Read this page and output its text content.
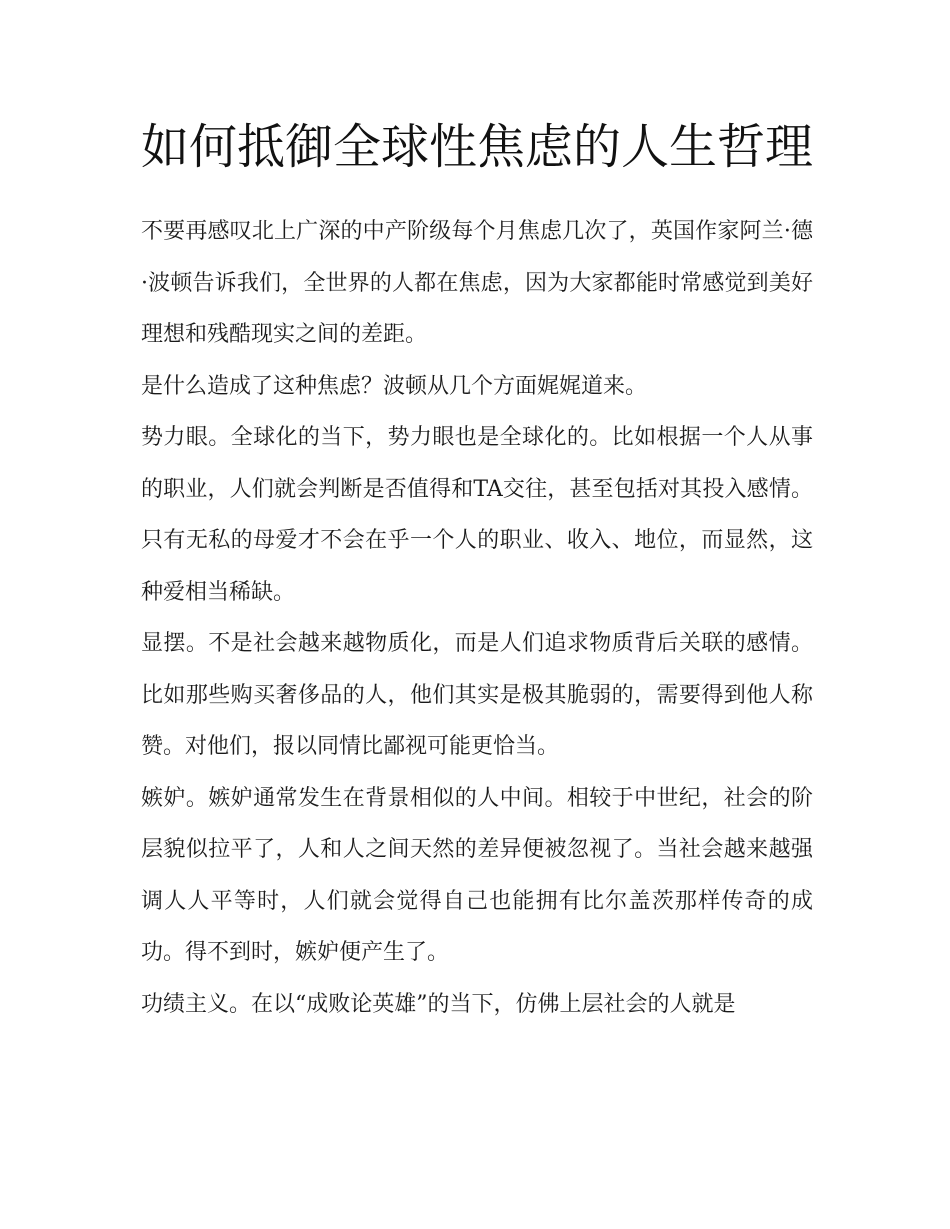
如何抵御全球性焦虑的人生哲理

不要再感叹北上广深的中产阶级每个月焦虑几次了，英国作家阿兰·德·波顿告诉我们，全世界的人都在焦虑，因为大家都能时常感觉到美好理想和残酷现实之间的差距。

是什么造成了这种焦虑？波顿从几个方面娓娓道来。

势力眼。全球化的当下，势力眼也是全球化的。比如根据一个人从事的职业，人们就会判断是否值得和TA交往，甚至包括对其投入感情。只有无私的母爱才不会在乎一个人的职业、收入、地位，而显然，这种爱相当稀缺。

显摆。不是社会越来越物质化，而是人们追求物质背后关联的感情。比如那些购买奢侈品的人，他们其实是极其脆弱的，需要得到他人称赞。对他们，报以同情比鄙视可能更恰当。

嫉妒。嫉妒通常发生在背景相似的人中间。相较于中世纪，社会的阶层貌似拉平了，人和人之间天然的差异便被忽视了。当社会越来越强调人人平等时，人们就会觉得自己也能拥有比尔盖茨那样传奇的成功。得不到时，嫉妒便产生了。

功绩主义。在以“成败论英雄”的当下，仿佛上层社会的人就是
